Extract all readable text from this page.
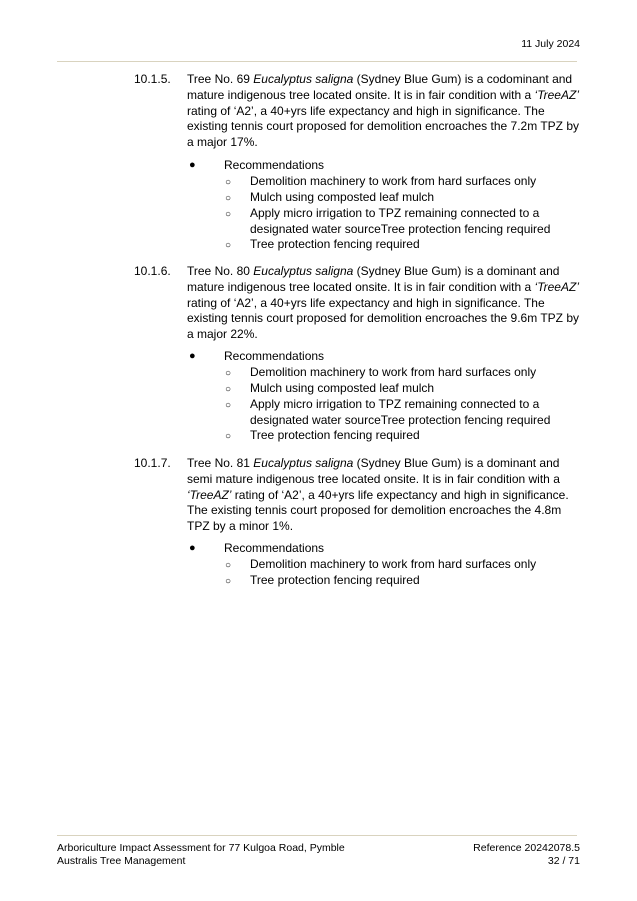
11 July 2024
10.1.5. Tree No. 69 Eucalyptus saligna (Sydney Blue Gum) is a codominant and mature indigenous tree located onsite. It is in fair condition with a ‘TreeAZ’ rating of ‘A2’, a 40+yrs life expectancy and high in significance. The existing tennis court proposed for demolition encroaches the 7.2m TPZ by a major 17%.
● Recommendations
○ Demolition machinery to work from hard surfaces only
○ Mulch using composted leaf mulch
○ Apply micro irrigation to TPZ remaining connected to a designated water sourceTree protection fencing required
○ Tree protection fencing required
10.1.6. Tree No. 80 Eucalyptus saligna (Sydney Blue Gum) is a dominant and mature indigenous tree located onsite. It is in fair condition with a ‘TreeAZ’ rating of ‘A2’, a 40+yrs life expectancy and high in significance. The existing tennis court proposed for demolition encroaches the 9.6m TPZ by a major 22%.
● Recommendations
○ Demolition machinery to work from hard surfaces only
○ Mulch using composted leaf mulch
○ Apply micro irrigation to TPZ remaining connected to a designated water sourceTree protection fencing required
○ Tree protection fencing required
10.1.7. Tree No. 81 Eucalyptus saligna (Sydney Blue Gum) is a dominant and semi mature indigenous tree located onsite. It is in fair condition with a ‘TreeAZ’ rating of ‘A2’, a 40+yrs life expectancy and high in significance. The existing tennis court proposed for demolition encroaches the 4.8m TPZ by a minor 1%.
● Recommendations
○ Demolition machinery to work from hard surfaces only
○ Tree protection fencing required
Arboriculture Impact Assessment for 77 Kulgoa Road, Pymble
Australis Tree Management
Reference 20242078.5
32 / 71
